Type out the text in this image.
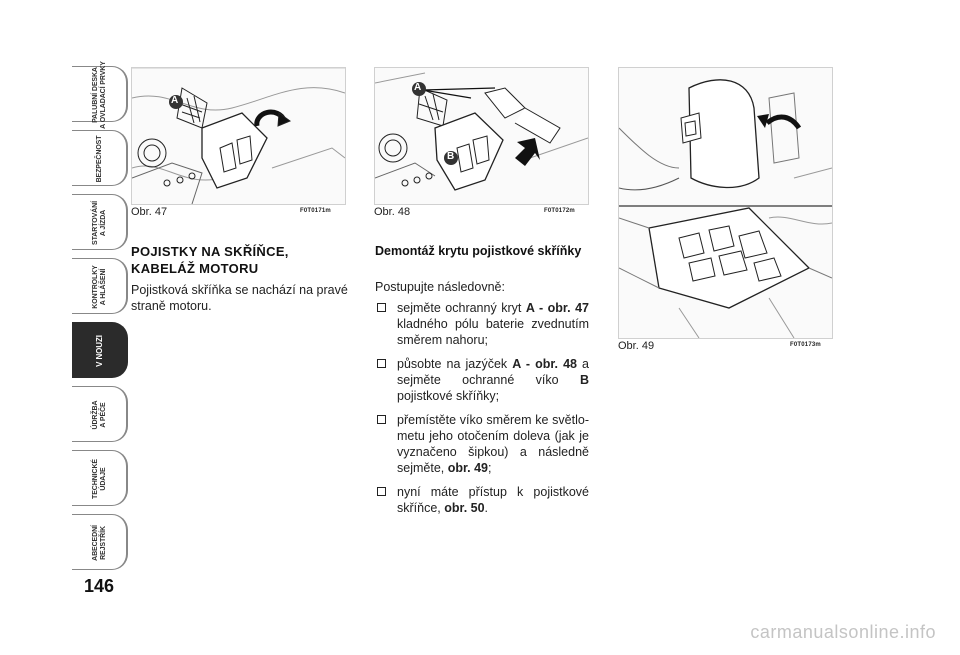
PALUBNÍ DESKA
A OVLADACÍ PRVKY
BEZPEČNOST
STARTOVÁNÍ
A JÍZDA
KONTROLKY
A HLÁŠENÍ
V NOUZI
ÚDRŽBA
A PÉČE
TECHNICKÉ
ÚDAJE
ABECEDNÍ
REJSTŘÍK
146
A
Obr. 47	F0T0171m
A
B
Obr. 48	F0T0172m
Obr. 49	F0T0173m
POJISTKY NA SKŘÍŇCE, KABELÁŽ MOTORU
Pojistková skříňka se nachází na pravé straně motoru.
Demontáž krytu pojistkové skříňky
Postupujte následovně:
sejměte ochranný kryt A - obr. 47 kladného pólu baterie zvednutím směrem nahoru;
působte na jazýček A - obr. 48 a sejměte ochranné víko B pojistkové skříňky;
přemístěte víko směrem ke světlo-metu jeho otočením doleva (jak je vyznačeno šipkou) a následně sejměte, obr. 49;
nyní máte přístup k pojistkové skříňce, obr. 50.
carmanualsonline.info
